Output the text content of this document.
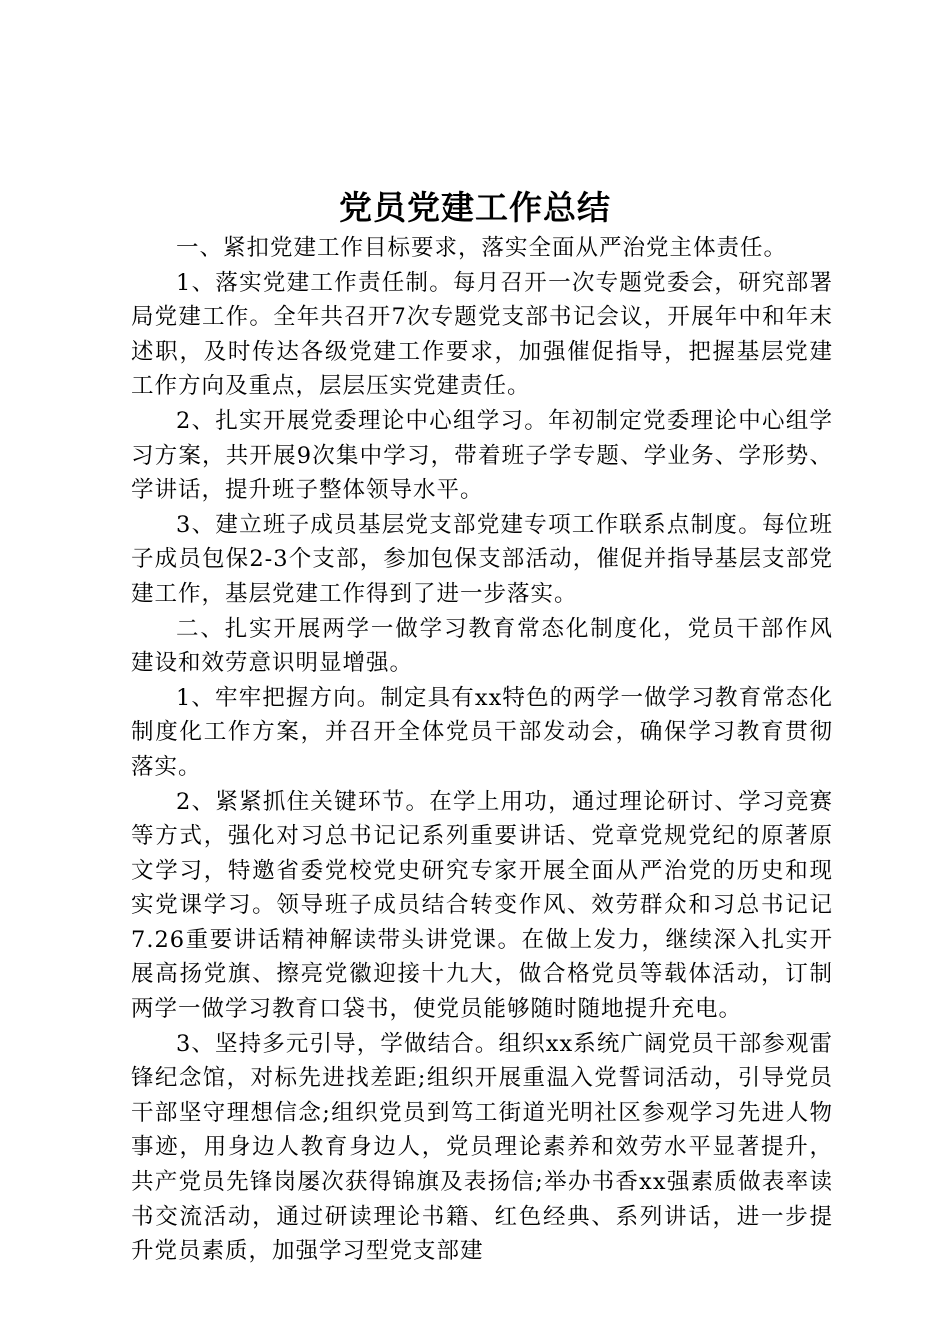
党员党建工作总结

一、紧扣党建工作目标要求，落实全面从严治党主体责任。

1、落实党建工作责任制。每月召开一次专题党委会，研究部署局党建工作。全年共召开7次专题党支部书记会议，开展年中和年末述职，及时传达各级党建工作要求，加强催促指导，把握基层党建工作方向及重点，层层压实党建责任。

2、扎实开展党委理论中心组学习。年初制定党委理论中心组学习方案，共开展9次集中学习，带着班子学专题、学业务、学形势、学讲话，提升班子整体领导水平。

3、建立班子成员基层党支部党建专项工作联系点制度。每位班子成员包保2-3个支部，参加包保支部活动，催促并指导基层支部党建工作，基层党建工作得到了进一步落实。

二、扎实开展两学一做学习教育常态化制度化，党员干部作风建设和效劳意识明显增强。

1、牢牢把握方向。制定具有xx特色的两学一做学习教育常态化制度化工作方案，并召开全体党员干部发动会，确保学习教育贯彻落实。

2、紧紧抓住关键环节。在学上用功，通过理论研讨、学习竞赛等方式，强化对习总书记记系列重要讲话、党章党规党纪的原著原文学习，特邀省委党校党史研究专家开展全面从严治党的历史和现实党课学习。领导班子成员结合转变作风、效劳群众和习总书记记7.26重要讲话精神解读带头讲党课。在做上发力，继续深入扎实开展高扬党旗、擦亮党徽迎接十九大，做合格党员等载体活动，订制两学一做学习教育口袋书，使党员能够随时随地提升充电。

3、坚持多元引导，学做结合。组织xx系统广阔党员干部参观雷锋纪念馆，对标先进找差距;组织开展重温入党誓词活动，引导党员干部坚守理想信念;组织党员到笃工街道光明社区参观学习先进人物事迹，用身边人教育身边人，党员理论素养和效劳水平显著提升，共产党员先锋岗屡次获得锦旗及表扬信;举办书香xx强素质做表率读书交流活动，通过研读理论书籍、红色经典、系列讲话，进一步提升党员素质，加强学习型党支部建
